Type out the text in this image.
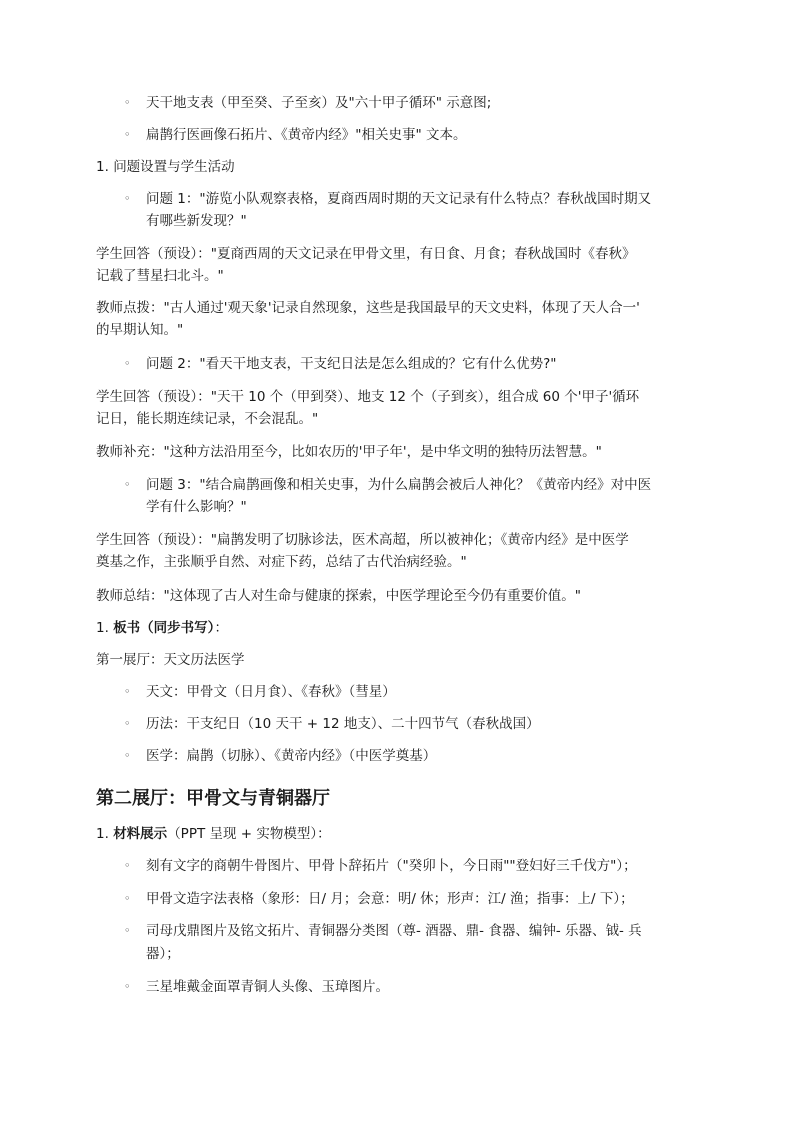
◦ 天干地支表（甲至癸、子至亥）及"六十甲子循环" 示意图;
◦ 扁鹊行医画像石拓片、《黄帝内经》"相关史事" 文本。
1. 问题设置与学生活动
◦ 问题 1："游览小队观察表格，夏商西周时期的天文记录有什么特点？春秋战国时期又
有哪些新发现？"
学生回答（预设）："夏商西周的天文记录在甲骨文里，有日食、月食；春秋战国时《春秋》
记载了彗星扫北斗。"
教师点拨："古人通过'观天象'记录自然现象，这些是我国最早的天文史料，体现了天人合一'
的早期认知。"
◦ 问题 2："看天干地支表，干支纪日法是怎么组成的？它有什么优势?"
学生回答（预设）："天干 10 个（甲到癸）、地支 12 个（子到亥），组合成 60 个'甲子'循环
记日，能长期连续记录，不会混乱。"
教师补充："这种方法沿用至今，比如农历的'甲子年'，是中华文明的独特历法智慧。"
◦ 问题 3："结合扁鹊画像和相关史事，为什么扁鹊会被后人神化？《黄帝内经》对中医
学有什么影响？"
学生回答（预设）："扁鹊发明了切脉诊法，医术高超，所以被神化；《黄帝内经》是中医学
奠基之作，主张顺乎自然、对症下药，总结了古代治病经验。"
教师总结："这体现了古人对生命与健康的探索，中医学理论至今仍有重要价值。"
1. 板书（同步书写）：
第一展厅：天文历法医学
◦ 天文：甲骨文（日月食）、《春秋》（彗星）
◦ 历法：干支纪日（10 天干 + 12 地支）、二十四节气（春秋战国）
◦ 医学：扁鹊（切脉）、《黄帝内经》（中医学奠基）
第二展厅：甲骨文与青铜器厅
1. 材料展示（PPT 呈现 + 实物模型）：
◦ 刻有文字的商朝牛骨图片、甲骨卜辞拓片（"癸卯卜，今日雨""登妇好三千伐方"）；
◦ 甲骨文造字法表格（象形：日/ 月；会意：明/ 休；形声：江/ 渔；指事：上/ 下）；
◦ 司母戊鼎图片及铭文拓片、青铜器分类图（尊- 酒器、鼎- 食器、编钟- 乐器、钺- 兵
器）；
◦ 三星堆戴金面罩青铜人头像、玉璋图片。
